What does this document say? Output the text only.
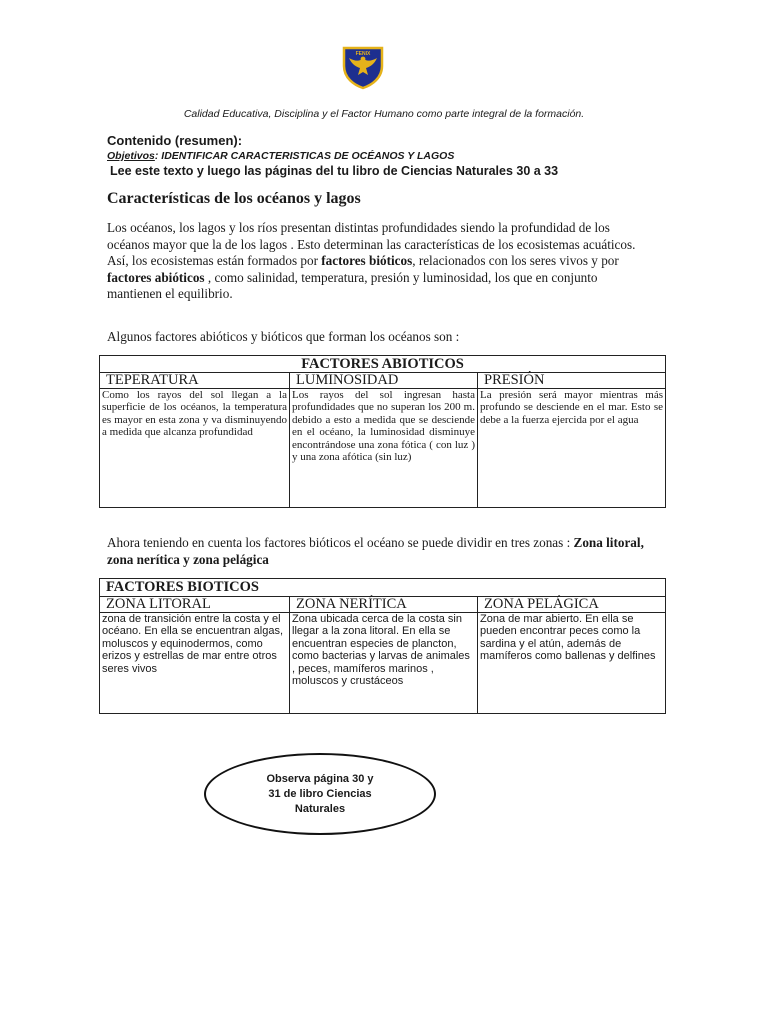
FENIX
Calidad Educativa, Disciplina y el Factor Humano como parte integral de la formación.
Contenido (resumen):
Objetivos: IDENTIFICAR CARACTERISTICAS DE OCÉANOS Y LAGOS
Lee este texto y luego las páginas del tu libro de Ciencias Naturales 30 a 33
Características de los océanos y lagos
Los océanos, los lagos y los ríos presentan distintas profundidades siendo la profundidad de los océanos mayor que la de los lagos . Esto determinan las características de los ecosistemas acuáticos. Así, los ecosistemas están formados por factores bióticos, relacionados con los seres vivos y por factores abióticos , como salinidad, temperatura, presión y luminosidad, los que en conjunto mantienen el equilibrio.
Algunos factores abióticos y bióticos que forman los océanos son :
FACTORES ABIOTICOS		
TEPERATURA	LUMINOSIDAD	PRESIÓN
Como los rayos del sol llegan a la superficie de los océanos, la temperatura es mayor en esta zona y va disminuyendo a medida que alcanza profundidad	Los rayos del sol ingresan hasta profundidades que no superan los 200 m. debido a esto a medida que se desciende en el océano, la luminosidad disminuye encontrándose una zona fótica ( con luz ) y una zona afótica (sin luz)	La presión será mayor mientras más profundo se desciende en el mar. Esto se debe a la fuerza ejercida por el agua
Ahora teniendo en cuenta los factores bióticos el océano se puede dividir en tres zonas : Zona litoral, zona nerítica y zona pelágica
FACTORES BIOTICOS		
ZONA LITORAL	ZONA NERÍTICA	ZONA PELÁGICA
zona de transición entre la costa y el océano. En ella se encuentran algas, moluscos y equinodermos, como erizos y estrellas de mar entre otros seres vivos	Zona ubicada cerca de la costa sin llegar a la zona litoral. En ella se encuentran especies de plancton, como bacterias y larvas de animales , peces, mamíferos marinos , moluscos y crustáceos	Zona de mar abierto. En ella se pueden encontrar peces como la sardina y el atún, además de mamíferos como ballenas y delfines
Observa página 30 y 31 de libro Ciencias Naturales
